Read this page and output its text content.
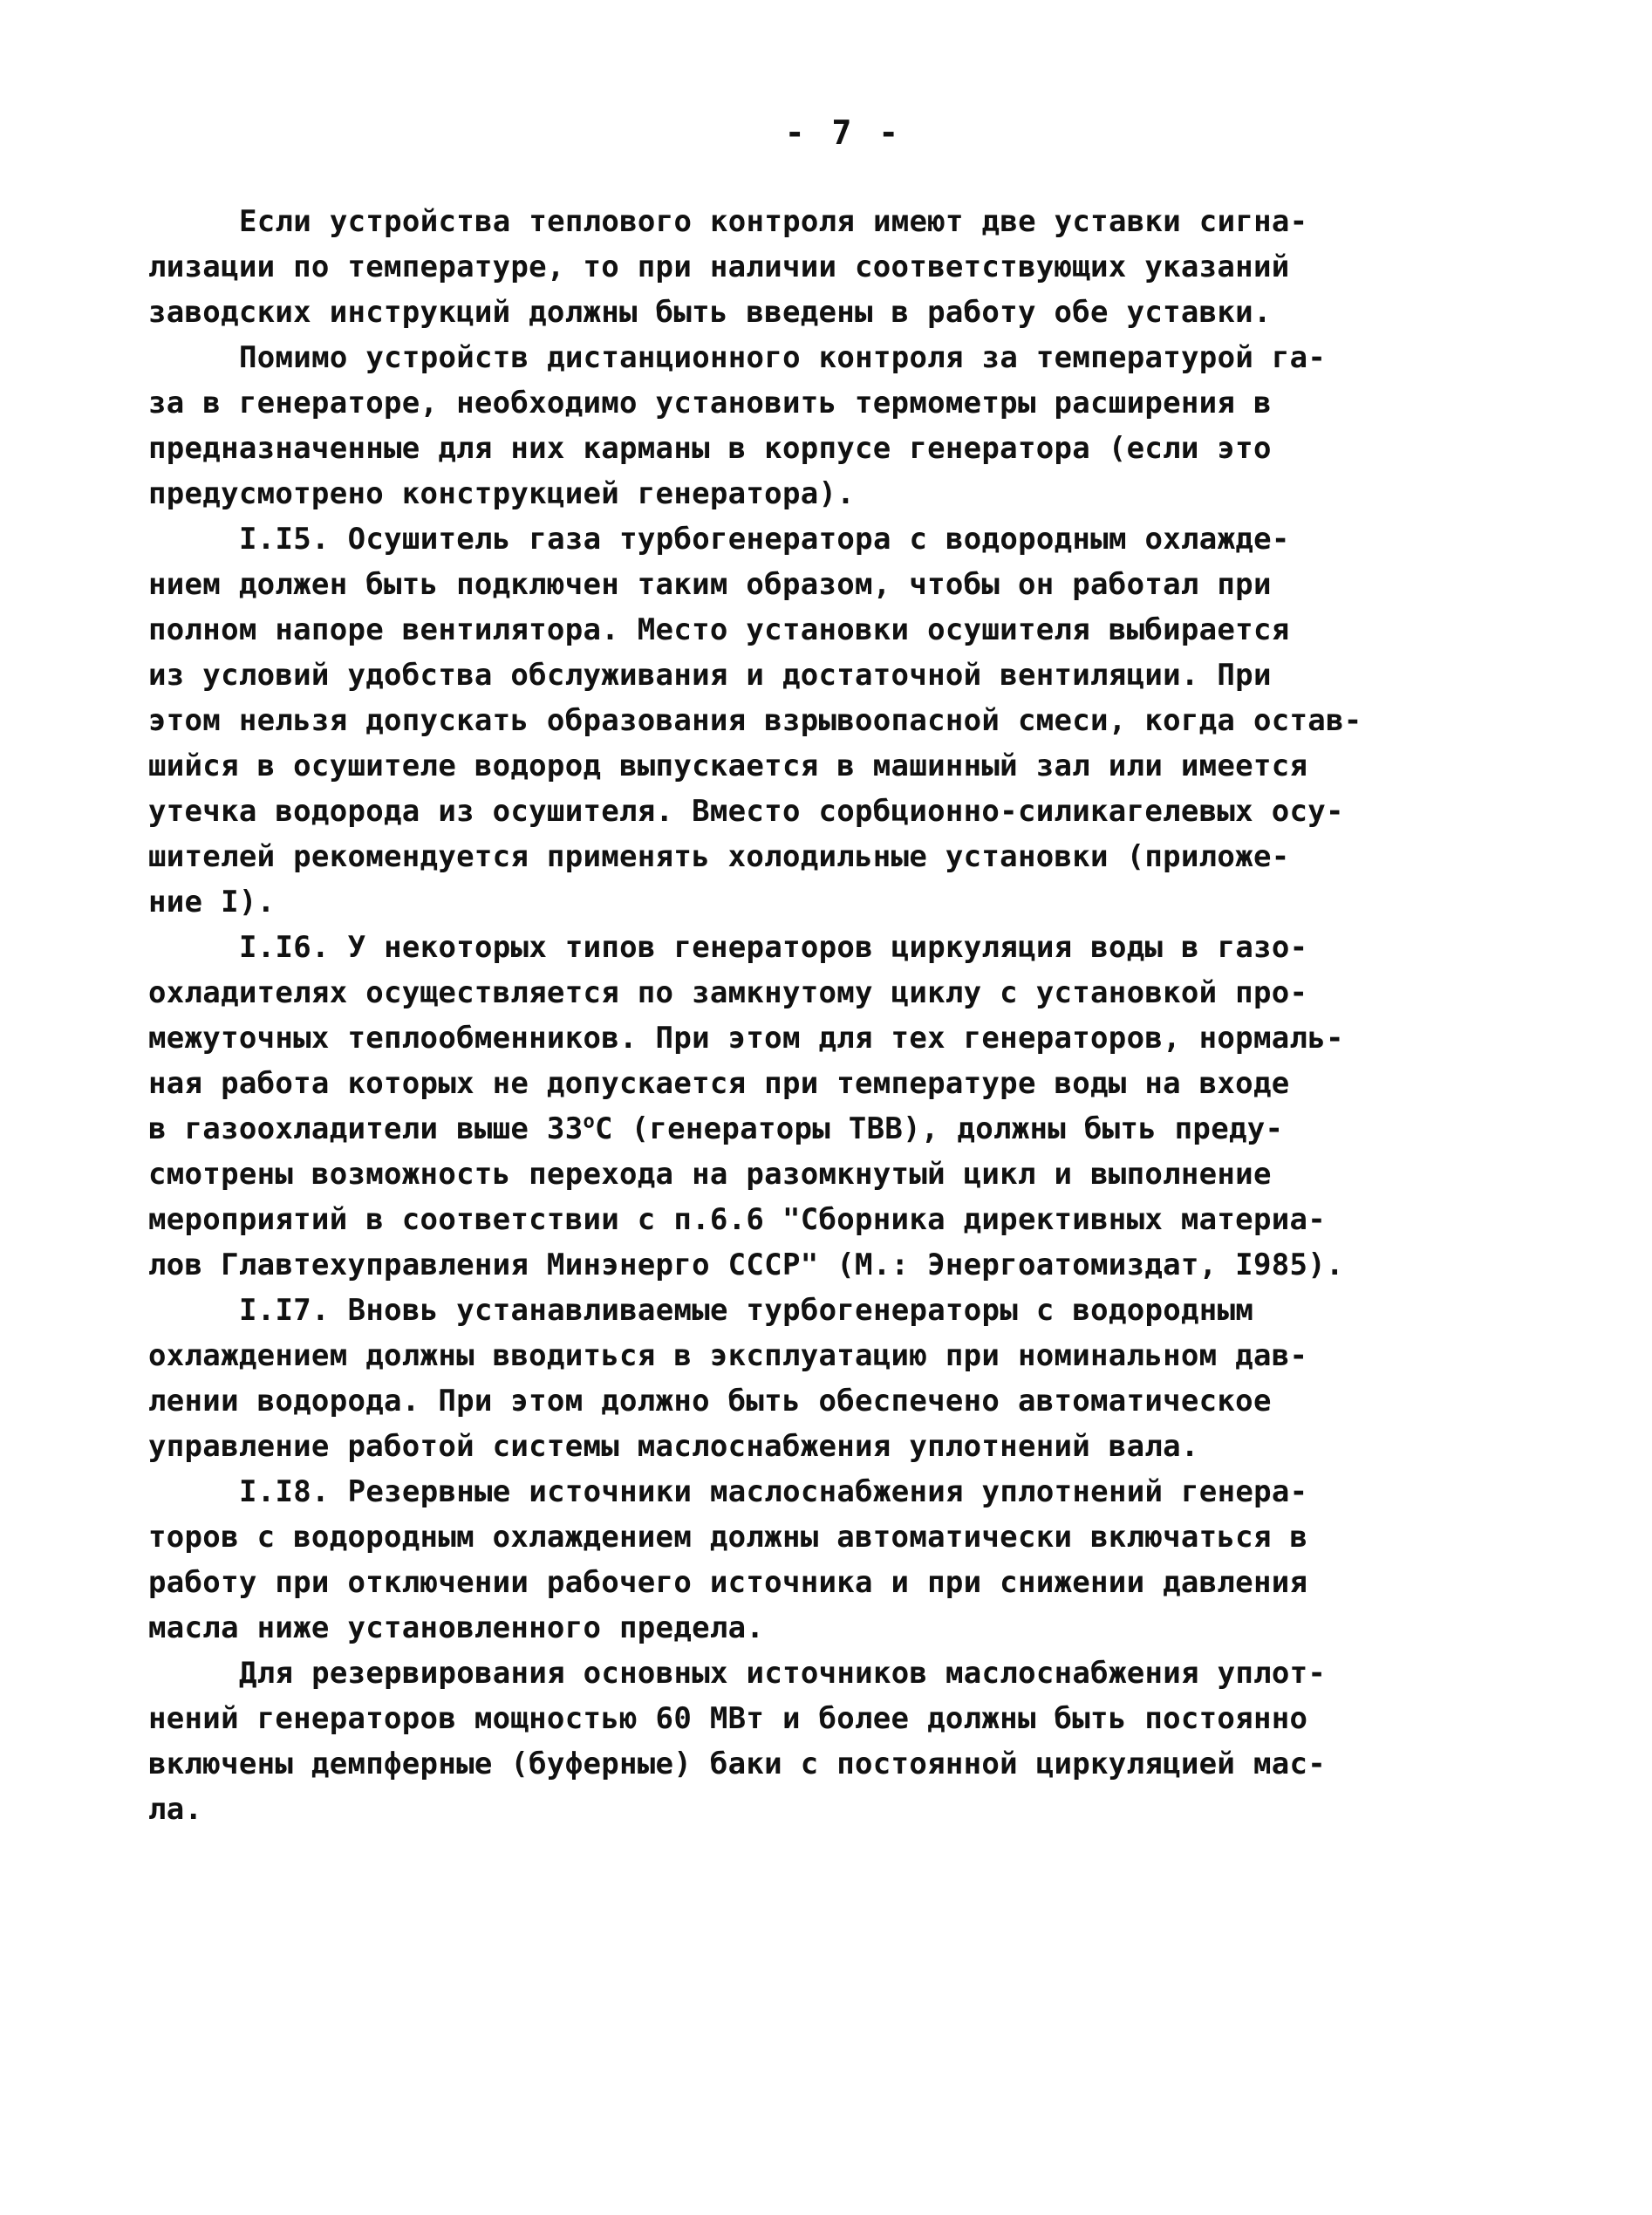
- 7 -
Если устройства теплового контроля имеют две уставки сигна-
лизации по температуре, то при наличии соответствующих указаний
заводских инструкций должны быть введены в работу обе уставки.
Помимо устройств дистанционного контроля за температурой га-
за в генераторе, необходимо установить термометры расширения в
предназначенные для них карманы в корпусе генератора (если это
предусмотрено конструкцией генератора).
I.I5. Осушитель газа турбогенератора с водородным охлажде-
нием должен быть подключен таким образом, чтобы он работал при
полном напоре вентилятора. Место установки осушителя выбирается
из условий удобства обслуживания и достаточной вентиляции. При
этом нельзя допускать образования взрывоопасной смеси, когда остав-
шийся в осушителе водород выпускается в машинный зал или имеется
утечка водорода из осушителя. Вместо сорбционно-силикагелевых осу-
шителей рекомендуется применять холодильные установки (приложе-
ние I).
I.I6. У некоторых типов генераторов циркуляция воды в газо-
охладителях осуществляется по замкнутому циклу с установкой про-
межуточных теплообменников. При этом для тех генераторов, нормаль-
ная работа которых не допускается при температуре воды на входе
в газоохладители выше $33^оС$ (генераторы ТВВ), должны быть преду-
смотрены возможность перехода на разомкнутый цикл и выполнение
мероприятий в соответствии с п.6.6 "Сборника директивных материа-
лов Главтехуправления Минэнерго СССР" (М.: Энергоатомиздат, I985).
I.I7. Вновь устанавливаемые турбогенераторы с водородным
охлаждением должны вводиться в эксплуатацию при номинальном дав-
лении водорода. При этом должно быть обеспечено автоматическое
управление работой системы маслоснабжения уплотнений вала.
I.I8. Резервные источники маслоснабжения уплотнений генера-
торов с водородным охлаждением должны автоматически включаться в
работу при отключении рабочего источника и при снижении давления
масла ниже установленного предела.
Для резервирования основных источников маслоснабжения уплот-
нений генераторов мощностью 60 МВт и более должны быть постоянно
включены демпферные (буферные) баки с постоянной циркуляцией мас-
ла.
